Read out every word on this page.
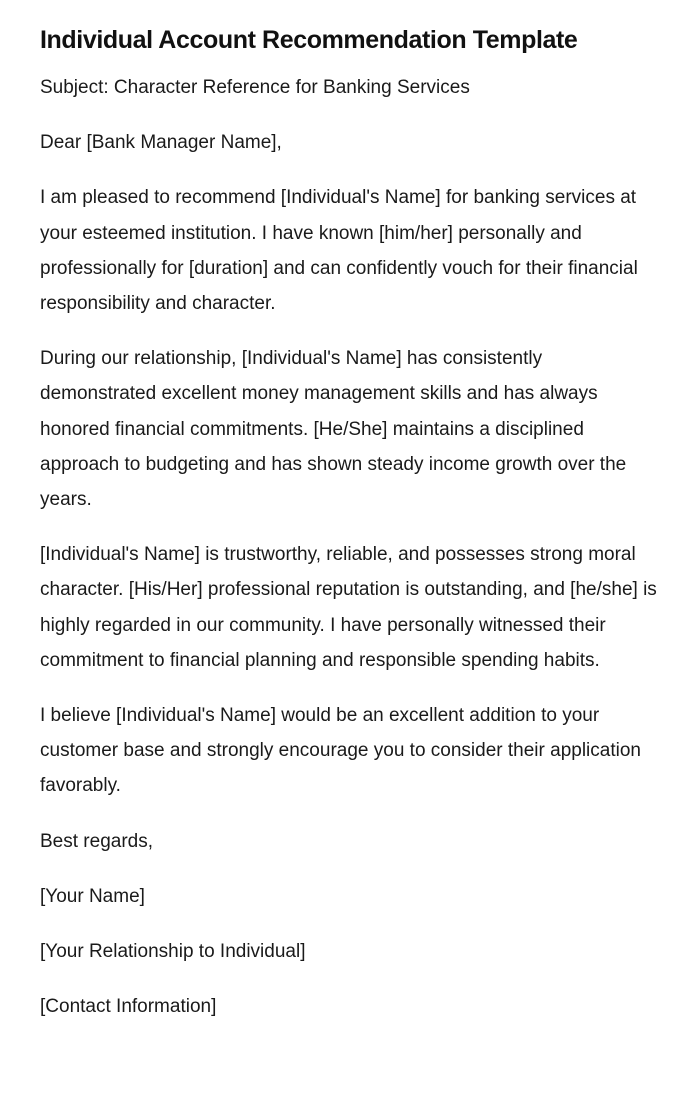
Individual Account Recommendation Template

Subject: Character Reference for Banking Services

Dear [Bank Manager Name],

I am pleased to recommend [Individual's Name] for banking services at your esteemed institution. I have known [him/her] personally and professionally for [duration] and can confidently vouch for their financial responsibility and character.

During our relationship, [Individual's Name] has consistently demonstrated excellent money management skills and has always honored financial commitments. [He/She] maintains a disciplined approach to budgeting and has shown steady income growth over the years.

[Individual's Name] is trustworthy, reliable, and possesses strong moral character. [His/Her] professional reputation is outstanding, and [he/she] is highly regarded in our community. I have personally witnessed their commitment to financial planning and responsible spending habits.

I believe [Individual's Name] would be an excellent addition to your customer base and strongly encourage you to consider their application favorably.

Best regards,

[Your Name]

[Your Relationship to Individual]

[Contact Information]
